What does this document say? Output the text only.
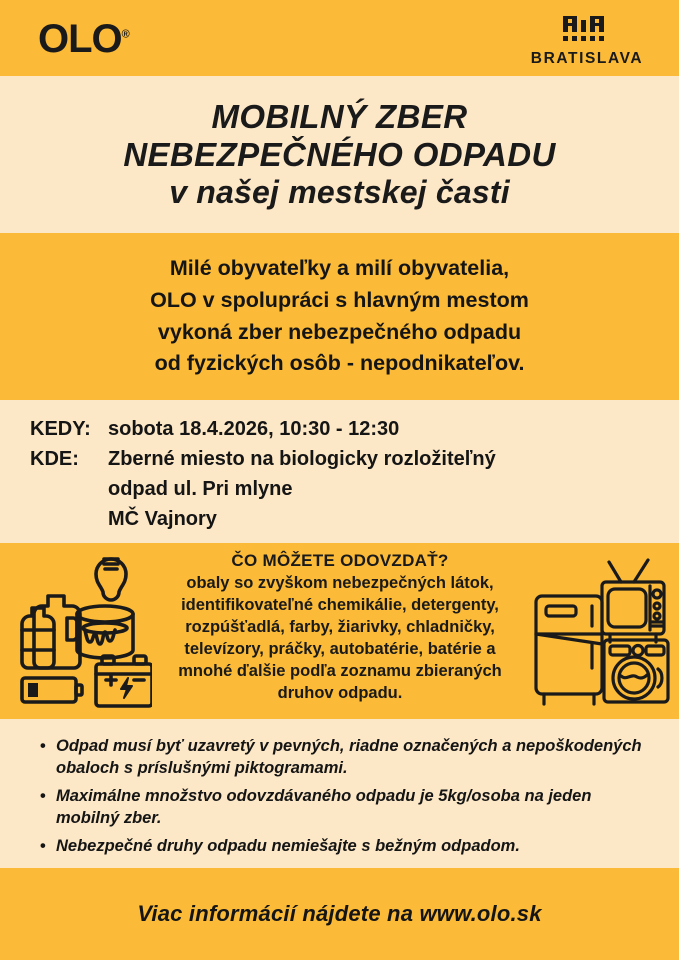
OLO®
BRATISLAVA
MOBILNÝ ZBER
NEBEZPEČNÉHO ODPADU
v našej mestskej časti
Milé obyvateľky a milí obyvatelia,
OLO v spolupráci s hlavným mestom
vykoná zber nebezpečného odpadu
od fyzických osôb - nepodnikateľov.
KEDY: sobota 18.4.2026, 10:30 - 12:30
KDE:	Zberné miesto na biologicky rozložiteľný
odpad ul. Pri mlyne
MČ Vajnory
ČO MÔŽETE ODOVZDAŤ?
obaly so zvyškom nebezpečných látok,
identifikovateľné chemikálie, detergenty,
rozpúšťadlá, farby, žiarivky, chladničky,
televízory, práčky, autobatérie, batérie a
mnohé ďalšie podľa zoznamu zbieraných
druhov odpadu.
• Odpad musí byť uzavretý v pevných, riadne označených a nepoškodených obaloch s príslušnými piktogramami.
• Maximálne množstvo odovzdávaného odpadu je 5kg/osoba na jeden mobilný zber.
• Nebezpečné druhy odpadu nemiešajte s bežným odpadom.
Viac informácií nájdete na www.olo.sk
